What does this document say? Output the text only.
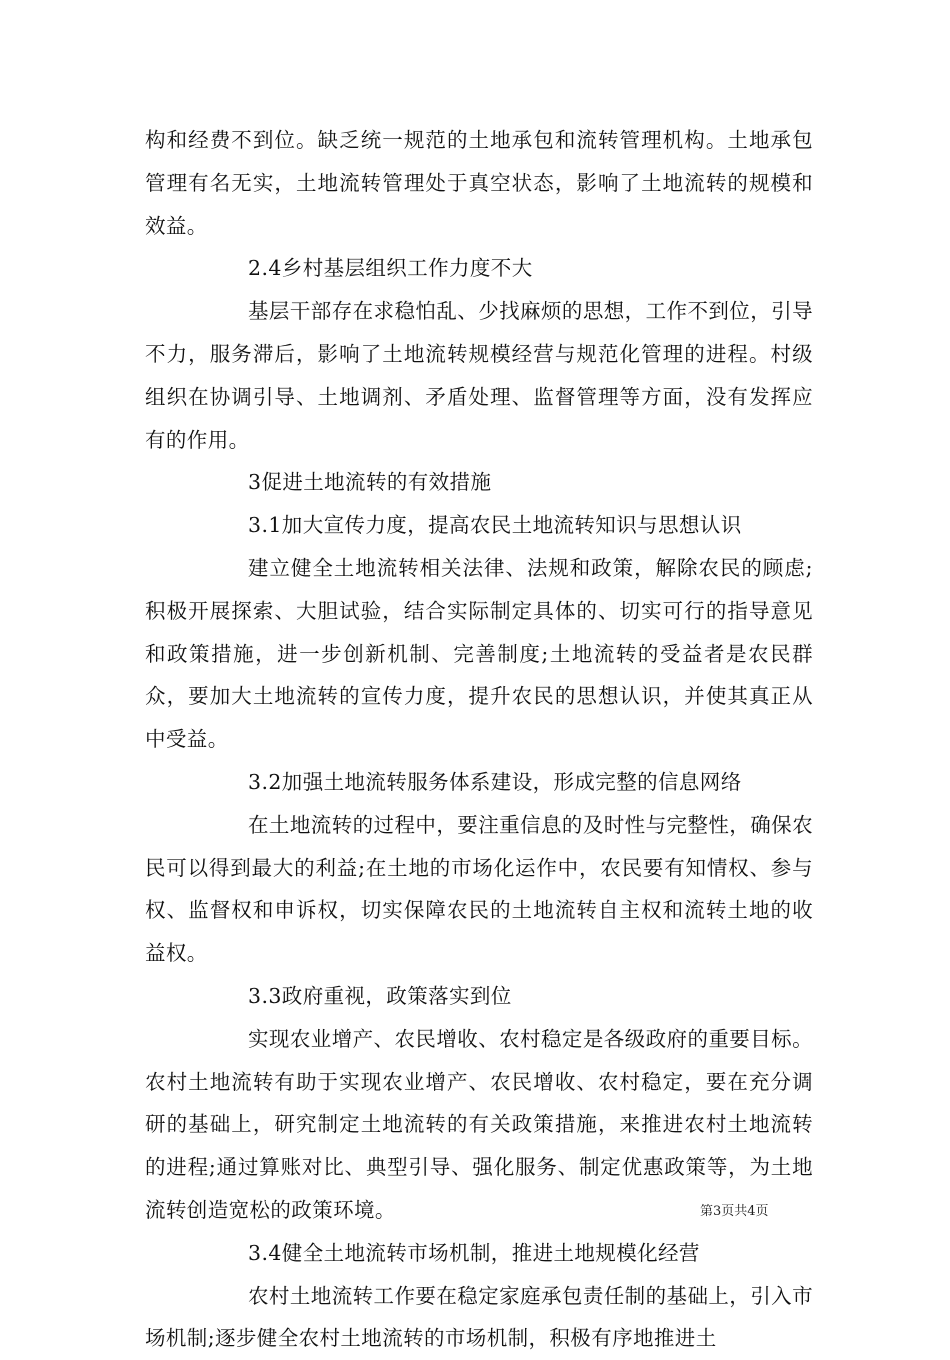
构和经费不到位。缺乏统一规范的土地承包和流转管理机构。土地承包管理有名无实，土地流转管理处于真空状态，影响了土地流转的规模和效益。

2.4乡村基层组织工作力度不大

基层干部存在求稳怕乱、少找麻烦的思想，工作不到位，引导不力，服务滞后，影响了土地流转规模经营与规范化管理的进程。村级组织在协调引导、土地调剂、矛盾处理、监督管理等方面，没有发挥应有的作用。

3促进土地流转的有效措施

3.1加大宣传力度，提高农民土地流转知识与思想认识

建立健全土地流转相关法律、法规和政策，解除农民的顾虑;积极开展探索、大胆试验，结合实际制定具体的、切实可行的指导意见和政策措施，进一步创新机制、完善制度;土地流转的受益者是农民群众，要加大土地流转的宣传力度，提升农民的思想认识，并使其真正从中受益。

3.2加强土地流转服务体系建设，形成完整的信息网络

在土地流转的过程中，要注重信息的及时性与完整性，确保农民可以得到最大的利益;在土地的市场化运作中，农民要有知情权、参与权、监督权和申诉权，切实保障农民的土地流转自主权和流转土地的收益权。

3.3政府重视，政策落实到位

实现农业增产、农民增收、农村稳定是各级政府的重要目标。农村土地流转有助于实现农业增产、农民增收、农村稳定，要在充分调研的基础上，研究制定土地流转的有关政策措施，来推进农村土地流转的进程;通过算账对比、典型引导、强化服务、制定优惠政策等，为土地流转创造宽松的政策环境。

3.4健全土地流转市场机制，推进土地规模化经营

农村土地流转工作要在稳定家庭承包责任制的基础上，引入市场机制;逐步健全农村土地流转的市场机制，积极有序地推进土

第3页共4页
